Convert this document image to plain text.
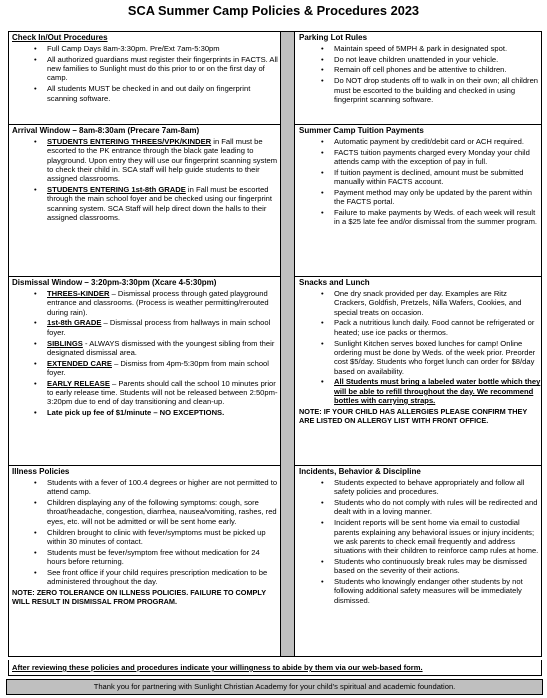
SCA Summer Camp Policies & Procedures 2023
Check In/Out Procedures
• Full Camp Days 8am-3:30pm. Pre/Ext 7am-5:30pm
• All authorized guardians must register their fingerprints in FACTS. All new families to Sunlight must do this prior to or on the first day of camp.
• All students MUST be checked in and out daily on fingerprint scanning software.
Parking Lot Rules
• Maintain speed of 5MPH & park in designated spot.
• Do not leave children unattended in your vehicle.
• Remain off cell phones and be attentive to children.
• Do NOT drop students off to walk in on their own; all children must be escorted to the building and checked in using fingerprint scanning software.
Arrival Window – 8am-8:30am (Precare 7am-8am)
• STUDENTS ENTERING THREES/VPK/KINDER in Fall must be escorted to the PK entrance through the black gate leading to playground. Upon entry they will use our fingerprint scanning system to check their child in. SCA staff will help guide students to their assigned classrooms.
• STUDENTS ENTERING 1st-8th GRADE in Fall must be escorted through the main school foyer and be checked using our fingerprint scanning system. SCA Staff will help direct down the halls to their assigned classrooms.
Summer Camp Tuition Payments
• Automatic payment by credit/debit card or ACH required.
• FACTS tuition payments charged every Monday your child attends camp with the exception of pay in full.
• If tuition payment is declined, amount must be submitted manually within FACTS account.
• Payment method may only be updated by the parent within the FACTS portal.
• Failure to make payments by Weds. of each week will result in a $25 late fee and/or dismissal from the summer program.
Dismissal Window – 3:20pm-3:30pm (Xcare 4-5:30pm)
• THREES-KINDER – Dismissal process through gated playground entrance and classrooms. (Process is weather permitting/rerouted during rain).
• 1st-8th GRADE – Dismissal process from hallways in main school foyer.
• SIBLINGS - ALWAYS dismissed with the youngest sibling from their designated dismissal area.
• EXTENDED CARE – Dismiss from 4pm-5:30pm from main school foyer.
• EARLY RELEASE – Parents should call the school 10 minutes prior to early release time. Students will not be released between 2:50pm-3:20pm due to end of day transitioning and clean-up.
• Late pick up fee of $1/minute – NO EXCEPTIONS.
Snacks and Lunch
• One dry snack provided per day. Examples are Ritz Crackers, Goldfish, Pretzels, Nilla Wafers, Cookies, and special treats on occasion.
• Pack a nutritious lunch daily. Food cannot be refrigerated or heated; use ice packs or thermos.
• Sunlight Kitchen serves boxed lunches for camp! Online ordering must be done by Weds. of the week prior. Preorder cost $5/day. Students who forget lunch can order for $8/day based on availability.
• All Students must bring a labeled water bottle which they will be able to refill throughout the day. We recommend bottles with carrying straps.
NOTE: IF YOUR CHILD HAS ALLERGIES PLEASE CONFIRM THEY ARE LISTED ON ALLERGY LIST WITH FRONT OFFICE.
Illness Policies
• Students with a fever of 100.4 degrees or higher are not permitted to attend camp.
• Children displaying any of the following symptoms: cough, sore throat/headache, congestion, diarrhea, nausea/vomiting, rashes, red eyes, etc. will not be admitted or will be sent home early.
• Children brought to clinic with fever/symptoms must be picked up within 30 minutes of contact.
• Students must be fever/symptom free without medication for 24 hours before returning.
• See front office if your child requires prescription medication to be administered throughout the day.
NOTE: ZERO TOLERANCE ON ILLNESS POLICIES. FAILURE TO COMPLY WILL RESULT IN DISMISSAL FROM PROGRAM.
Incidents, Behavior & Discipline
• Students expected to behave appropriately and follow all safety policies and procedures.
• Students who do not comply with rules will be redirected and dealt with in a loving manner.
• Incident reports will be sent home via email to custodial parents explaining any behavioral issues or injury incidents; we ask parents to check email frequently and address situations with their children to reinforce camp rules at home.
• Students who continuously break rules may be dismissed based on the severity of their actions.
• Students who knowingly endanger other students by not following additional safety measures will be immediately dismissed.
After reviewing these policies and procedures indicate your willingness to abide by them via our web-based form.
Thank you for partnering with Sunlight Christian Academy for your child’s spiritual and academic foundation.
